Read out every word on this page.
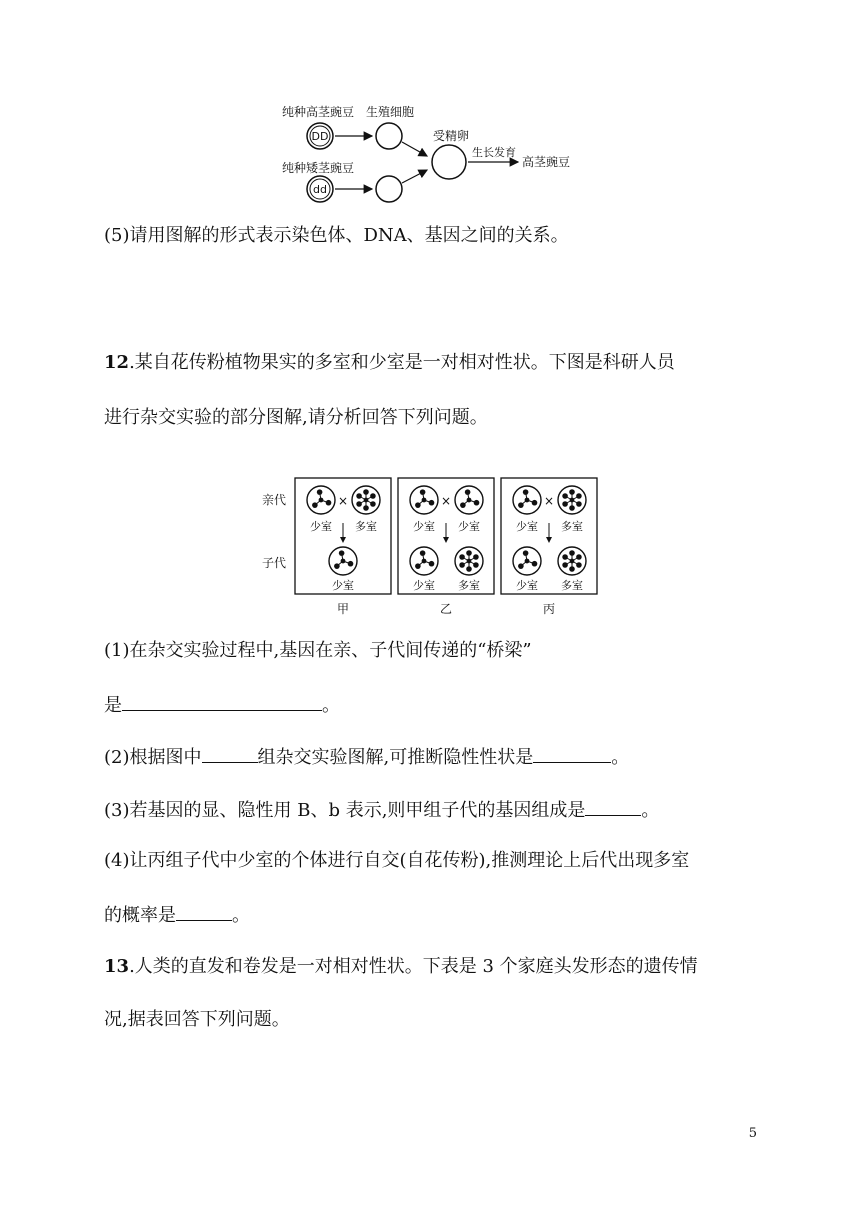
纯种高茎豌豆 生殖细胞
DD
纯种矮茎豌豆
dd
受精卵
生长发育
高茎豌豆
(5)请用图解的形式表示染色体、DNA、基因之间的关系。
12.某自花传粉植物果实的多室和少室是一对相对性状。下图是科研人员
进行杂交实验的部分图解,请分析回答下列问题。
亲代
子代
×
少室 多室
少室
甲
×
少室 少室
少室 多室
乙
×
少室 多室
少室 多室
丙
(1)在杂交实验过程中,基因在亲、子代间传递的“桥梁”
是	。
(2)根据图中	组杂交实验图解,可推断隐性性状是	。
(3)若基因的显、隐性用 B、b 表示,则甲组子代的基因组成是	。
(4)让丙组子代中少室的个体进行自交(自花传粉),推测理论上后代出现多室
的概率是	。
13.人类的直发和卷发是一对相对性状。下表是 3 个家庭头发形态的遗传情
况,据表回答下列问题。
5
